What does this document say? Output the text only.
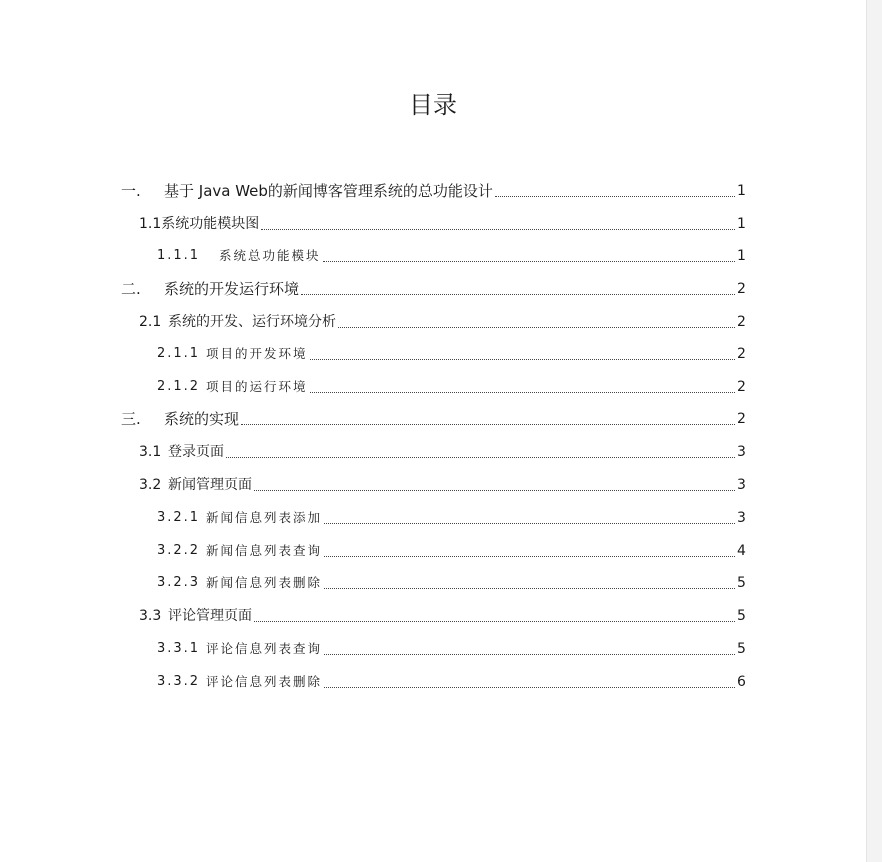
目录
一.	基于 Java Web的新闻博客管理系统的总功能设计	1
1.1 系统功能模块图	1
1.1.1	系统总功能模块	1
二.	系统的开发运行环境	2
2.1 系统的开发、运行环境分析	2
2.1.1 项目的开发环境	2
2.1.2 项目的运行环境	2
三.	系统的实现	2
3.1 登录页面	3
3.2 新闻管理页面	3
3.2.1 新闻信息列表添加	3
3.2.2 新闻信息列表查询	4
3.2.3 新闻信息列表删除	5
3.3 评论管理页面	5
3.3.1 评论信息列表查询	5
3.3.2 评论信息列表删除	6
